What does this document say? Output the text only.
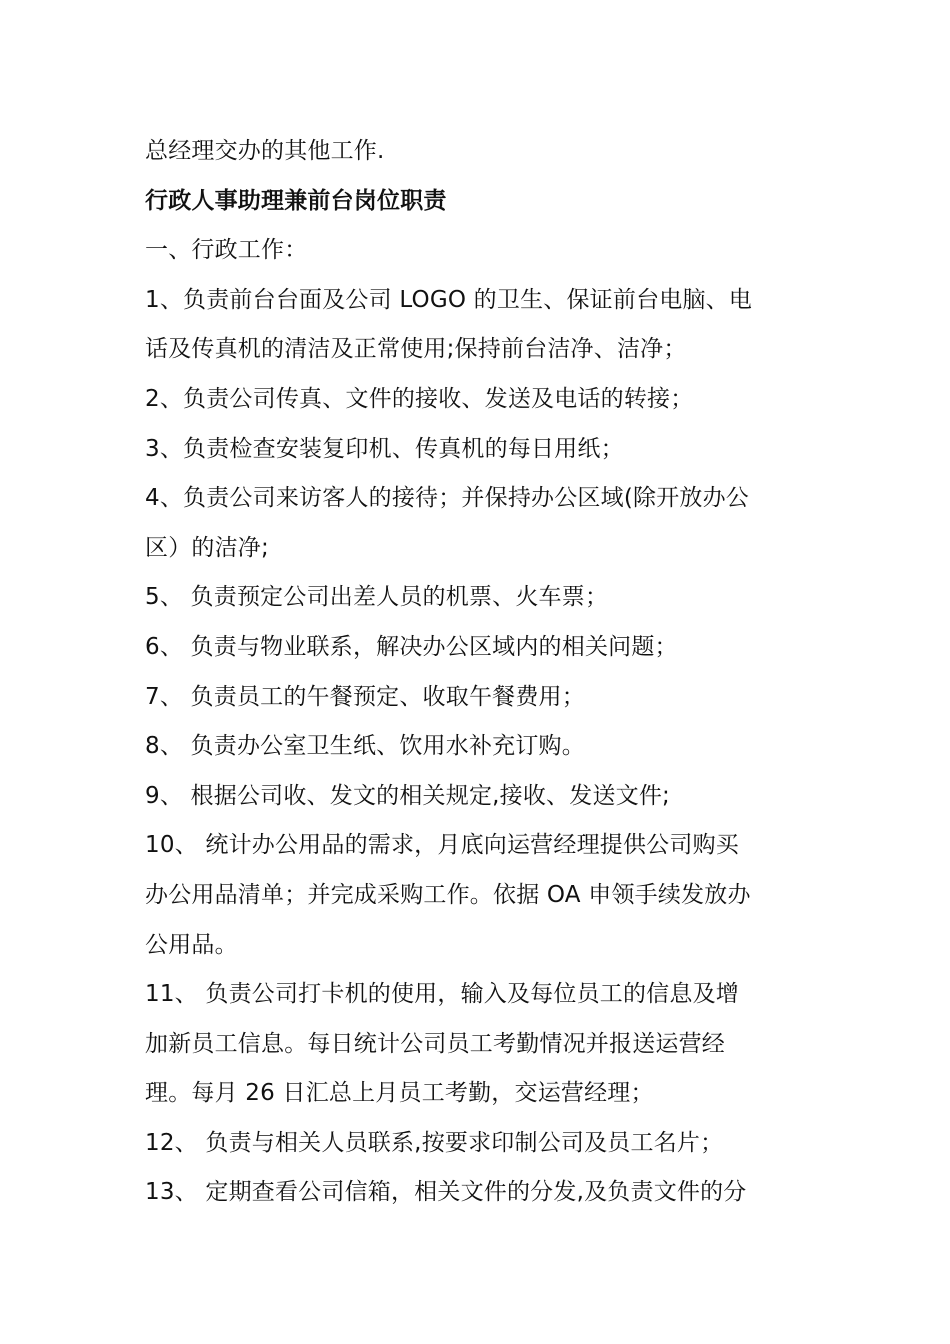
总经理交办的其他工作.
行政人事助理兼前台岗位职责
一、行政工作：
1、负责前台台面及公司 LOGO 的卫生、保证前台电脑、电
话及传真机的清洁及正常使用;保持前台洁净、洁净；
2、负责公司传真、文件的接收、发送及电话的转接；
3、负责检查安装复印机、传真机的每日用纸；
4、负责公司来访客人的接待；并保持办公区域(除开放办公
区）的洁净;
5、 负责预定公司出差人员的机票、火车票；
6、 负责与物业联系，解决办公区域内的相关问题；
7、 负责员工的午餐预定、收取午餐费用；
8、 负责办公室卫生纸、饮用水补充订购。
9、 根据公司收、发文的相关规定,接收、发送文件;
10、 统计办公用品的需求，月底向运营经理提供公司购买
办公用品清单；并完成采购工作。依据 OA 申领手续发放办
公用品。
11、 负责公司打卡机的使用，输入及每位员工的信息及增
加新员工信息。每日统计公司员工考勤情况并报送运营经
理。每月 26 日汇总上月员工考勤，交运营经理；
12、 负责与相关人员联系,按要求印制公司及员工名片；
13、 定期查看公司信箱，相关文件的分发,及负责文件的分
